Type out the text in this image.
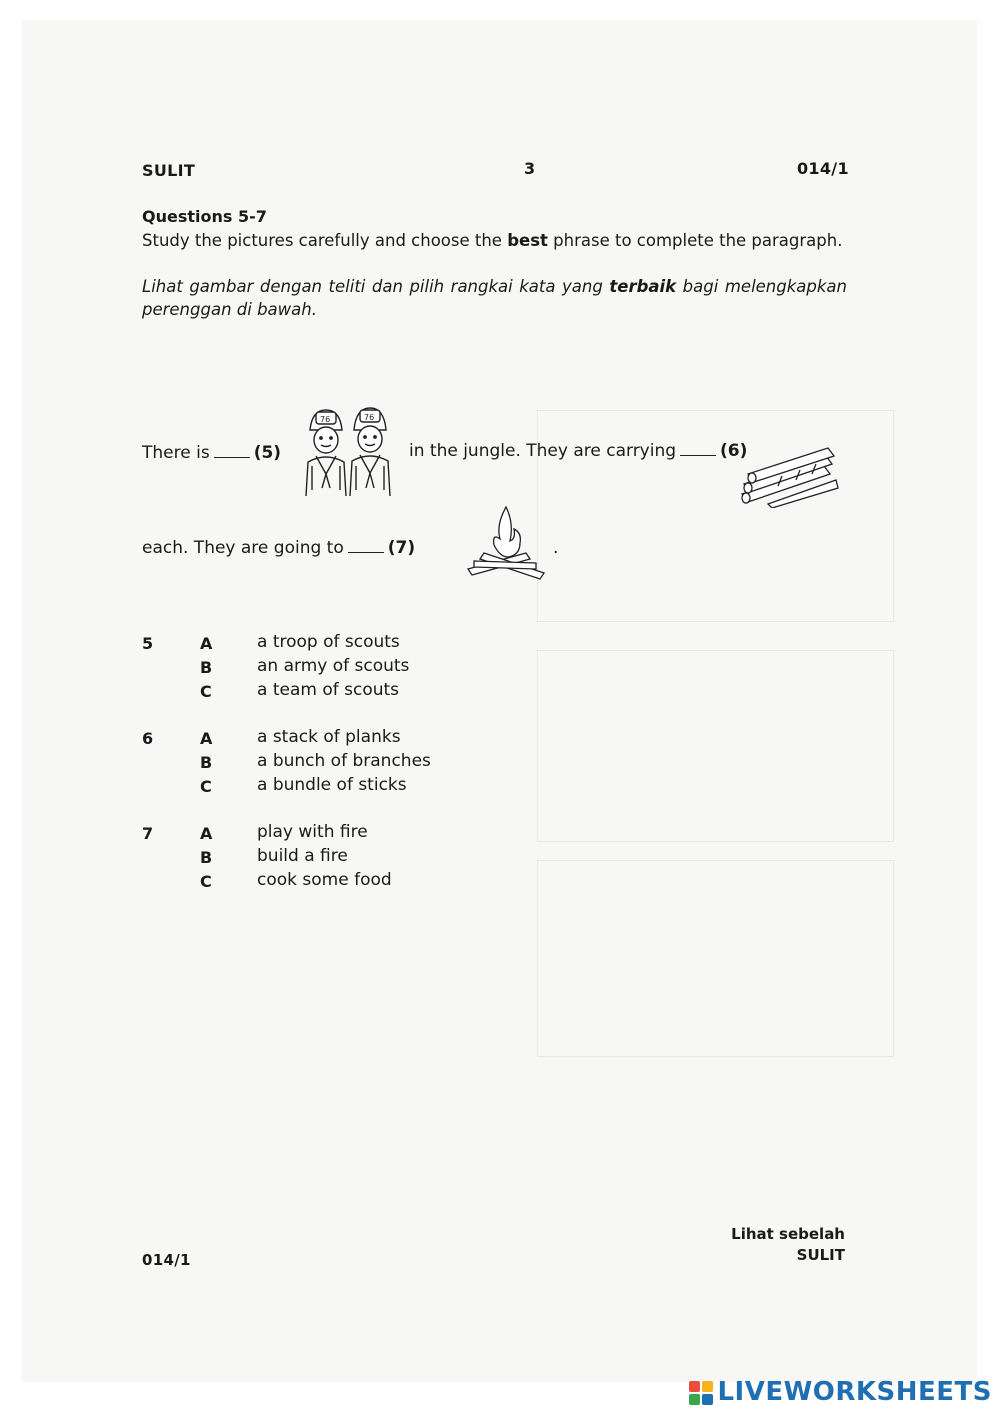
SULIT	3	014/1
Questions 5-7
Study the pictures carefully and choose the best phrase to complete the paragraph.
Lihat gambar dengan teliti dan pilih rangkai kata yang terbaik bagi melengkapkan perenggan di bawah.
There is	(5)
76	76
in the jungle. They are carrying	(6)
each. They are going to	(7)	.
5	A	a troop of scouts
B	an army of scouts
C	a team of scouts
6	A	a stack of planks
B	a bunch of branches
C	a bundle of sticks
7	A	play with fire
B	build a fire
C	cook some food
014/1
Lihat sebelah
SULIT
LIVEWORKSHEETS
